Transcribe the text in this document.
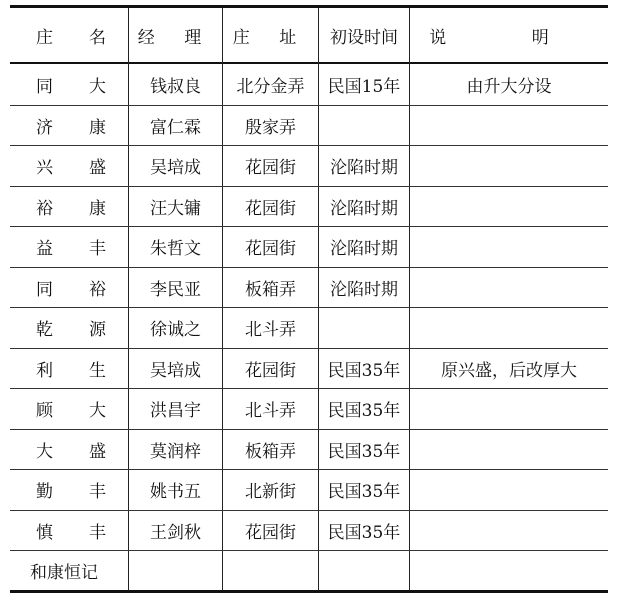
庄 名	经 理	庄 址	初设时间	说 明
同 大	钱叔良	北分金弄	民国15年	由升大分设
济 康	富仁霖	殷家弄
兴 盛	吴培成	花园街	沦陷时期
裕 康	汪大镛	花园街	沦陷时期
益 丰	朱哲文	花园街	沦陷时期
同 裕	李民亚	板箱弄	沦陷时期
乾 源	徐诚之	北斗弄
利 生	吴培成	花园街	民国35年	原兴盛，后改厚大
顾 大	洪昌宇	北斗弄	民国35年
大 盛	莫润梓	板箱弄	民国35年
勤 丰	姚书五	北新街	民国35年
慎 丰	王剑秋	花园街	民国35年
和康恒记
